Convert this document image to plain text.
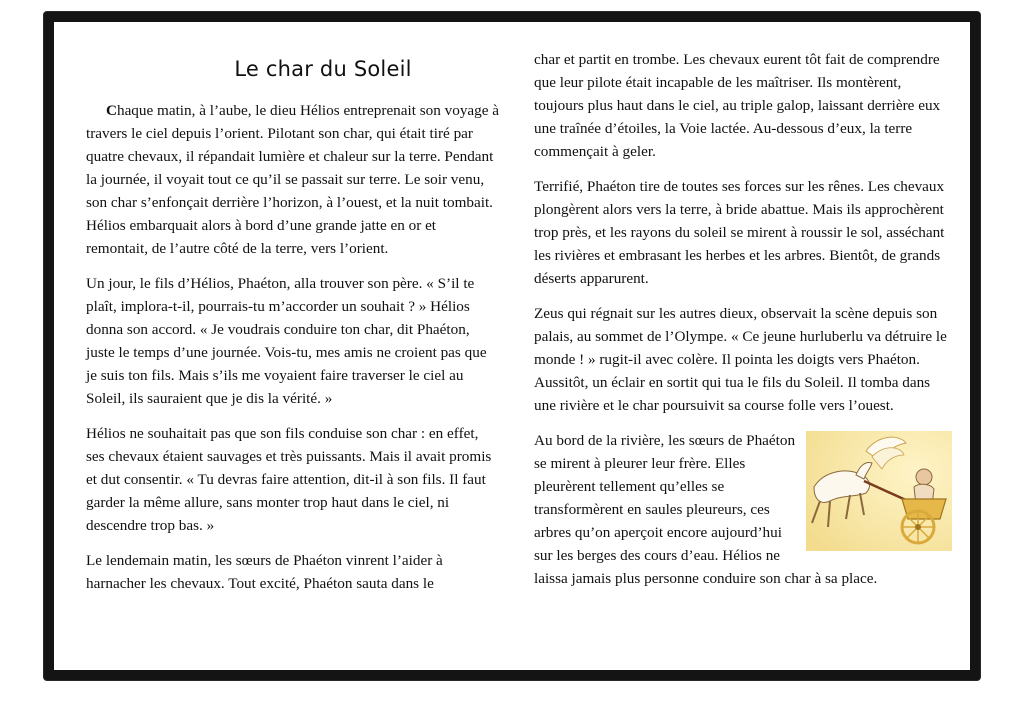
Le char du Soleil

Chaque matin, à l’aube, le dieu Hélios entreprenait son voyage à travers le ciel depuis l’orient. Pilotant son char, qui était tiré par quatre chevaux, il répandait lumière et chaleur sur la terre. Pendant la journée, il voyait tout ce qu’il se passait sur terre. Le soir venu, son char s’enfonçait derrière l’horizon, à l’ouest, et la nuit tombait. Hélios embarquait alors à bord d’une grande jatte en or et remontait, de l’autre côté de la terre, vers l’orient.

Un jour, le fils d’Hélios, Phaéton, alla trouver son père. « S’il te plaît, implora-t-il, pourrais-tu m’accorder un souhait ? » Hélios donna son accord. « Je voudrais conduire ton char, dit Phaéton, juste le temps d’une journée. Vois-tu, mes amis ne croient pas que je suis ton fils. Mais s’ils me voyaient faire traverser le ciel au Soleil, ils sauraient que je dis la vérité. »

Hélios ne souhaitait pas que son fils conduise son char : en effet, ses chevaux étaient sauvages et très puissants. Mais il avait promis et dut consentir. « Tu devras faire attention, dit-il à son fils. Il faut garder la même allure, sans monter trop haut dans le ciel, ni descendre trop bas. »

Le lendemain matin, les sœurs de Phaéton vinrent l’aider à harnacher les chevaux. Tout excité, Phaéton sauta dans le

char et partit en trombe. Les chevaux eurent tôt fait de comprendre que leur pilote était incapable de les maîtriser. Ils montèrent, toujours plus haut dans le ciel, au triple galop, laissant derrière eux une traînée d’étoiles, la Voie lactée. Au-dessous d’eux, la terre commençait à geler.

Terrifié, Phaéton tire de toutes ses forces sur les rênes. Les chevaux plongèrent alors vers la terre, à bride abattue. Mais ils approchèrent trop près, et les rayons du soleil se mirent à roussir le sol, asséchant les rivières et embrasant les herbes et les arbres. Bientôt, de grands déserts apparurent.

Zeus qui régnait sur les autres dieux, observait la scène depuis son palais, au sommet de l’Olympe. « Ce jeune hurluberlu va détruire le monde ! » rugit-il avec colère. Il pointa les doigts vers Phaéton. Aussitôt, un éclair en sortit qui tua le fils du Soleil. Il tomba dans une rivière et le char poursuivit sa course folle vers l’ouest.

Au bord de la rivière, les sœurs de Phaéton se mirent à pleurer leur frère. Elles pleurèrent tellement qu’elles se transformèrent en saules pleureurs, ces arbres qu’on aperçoit encore aujourd’hui sur les berges des cours d’eau. Hélios ne laissa jamais plus personne conduire son char à sa place.
